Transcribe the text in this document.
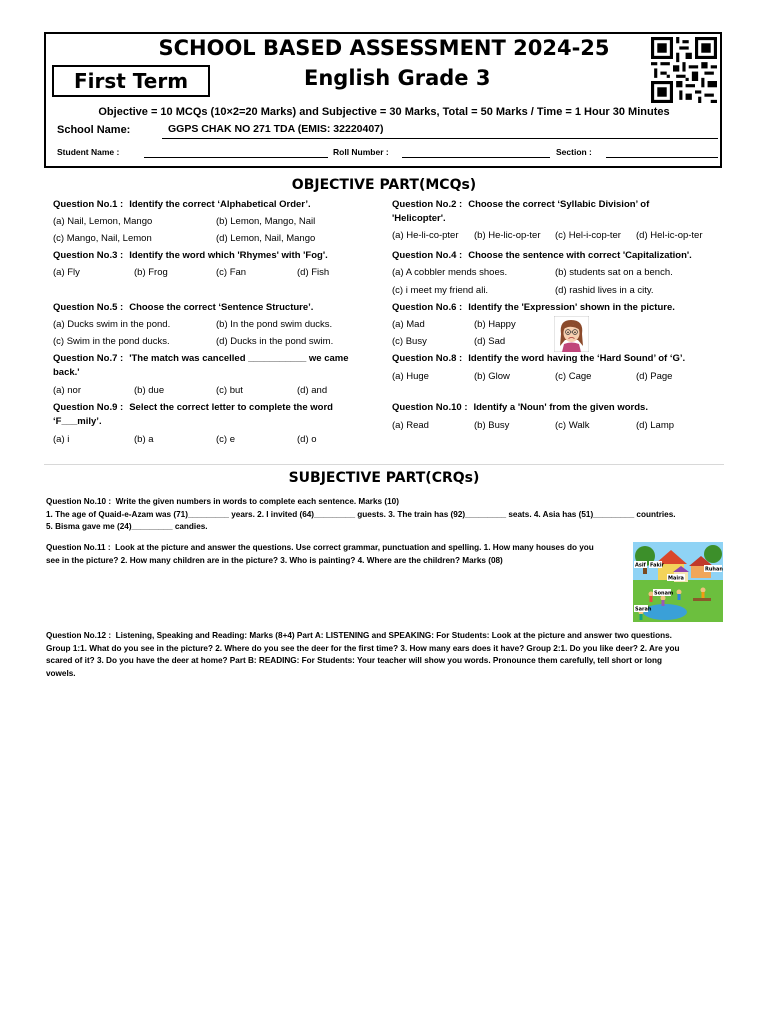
SCHOOL BASED ASSESSMENT 2024-25
First Term	English Grade 3
Objective = 10 MCQs (10×2=20 Marks) and Subjective = 30 Marks, Total = 50 Marks / Time = 1 Hour 30 Minutes
School Name:	GGPS CHAK NO 271 TDA (EMIS: 32220407)
Student Name :	Roll Number :	Section :
OBJECTIVE PART(MCQs)
Question No.1 : Identify the correct ‘Alphabetical Order’.
(a) Nail, Lemon, Mango	(b) Lemon, Mango, Nail
(c) Mango, Nail, Lemon	(d) Lemon, Nail, Mango
Question No.2 : Choose the correct ‘Syllabic Division’ of
'Helicopter'.
(a) He-li-co-pter (b) He-lic-op-ter (c) Hel-i-cop-ter (d) Hel-ic-op-ter
Question No.3 : Identify the word which 'Rhymes' with 'Fog'.
(a) Fly	(b) Frog	(c) Fan	(d) Fish
Question No.4 : Choose the sentence with correct 'Capitalization'.
(a) A cobbler mends shoes.	(b) students sat on a bench.
(c) i meet my friend ali.	(d) rashid lives in a city.
Question No.5 : Choose the correct ‘Sentence Structure’.
(a) Ducks swim in the pond.	(b) In the pond swim ducks.
(c) Swim in the pond ducks.	(d) Ducks in the pond swim.
Question No.6 : Identify the 'Expression' shown in the picture.
(a) Mad	(b) Happy
(c) Busy	(d) Sad
Question No.7 : 'The match was cancelled ___________ we came
back.'
(a) nor	(b) due	(c) but	(d) and
Question No.8 : Identify the word having the ‘Hard Sound’ of ‘G’.
(a) Huge	(b) Glow	(c) Cage	(d) Page
Question No.9 : Select the correct letter to complete the word
‘F___mily’.
(a) i	(b) a	(c) e	(d) o
Question No.10 : Identify a 'Noun' from the given words.
(a) Read	(b) Busy	(c) Walk	(d) Lamp
SUBJECTIVE PART(CRQs)
Question No.10 : Write the given numbers in words to complete each sentence. Marks (10)
1. The age of Quaid-e-Azam was (71)_________ years. 2. I invited (64)_________ guests. 3. The train has (92)_________ seats. 4. Asia has (51)_________ countries.
5. Bisma gave me (24)_________ candies.
Question No.11 : Look at the picture and answer the questions. Use correct grammar, punctuation and spelling. 1. How many houses do you
see in the picture? 2. How many children are in the picture? 3. Who is painting? 4. Where are the children? Marks (08)
Asif Fakir
Ruhan
Maira
Sonam
Sarah
Question No.12 : Listening, Speaking and Reading: Marks (8+4) Part A: LISTENING and SPEAKING: For Students: Look at the picture and answer two questions.
Group 1:1. What do you see in the picture? 2. Where do you see the deer for the first time? 3. How many ears does it have? Group 2:1. Do you like deer? 2. Are you
scared of it? 3. Do you have the deer at home? Part B: READING: For Students: Your teacher will show you words. Pronounce them carefully, tell short or long
vowels.
